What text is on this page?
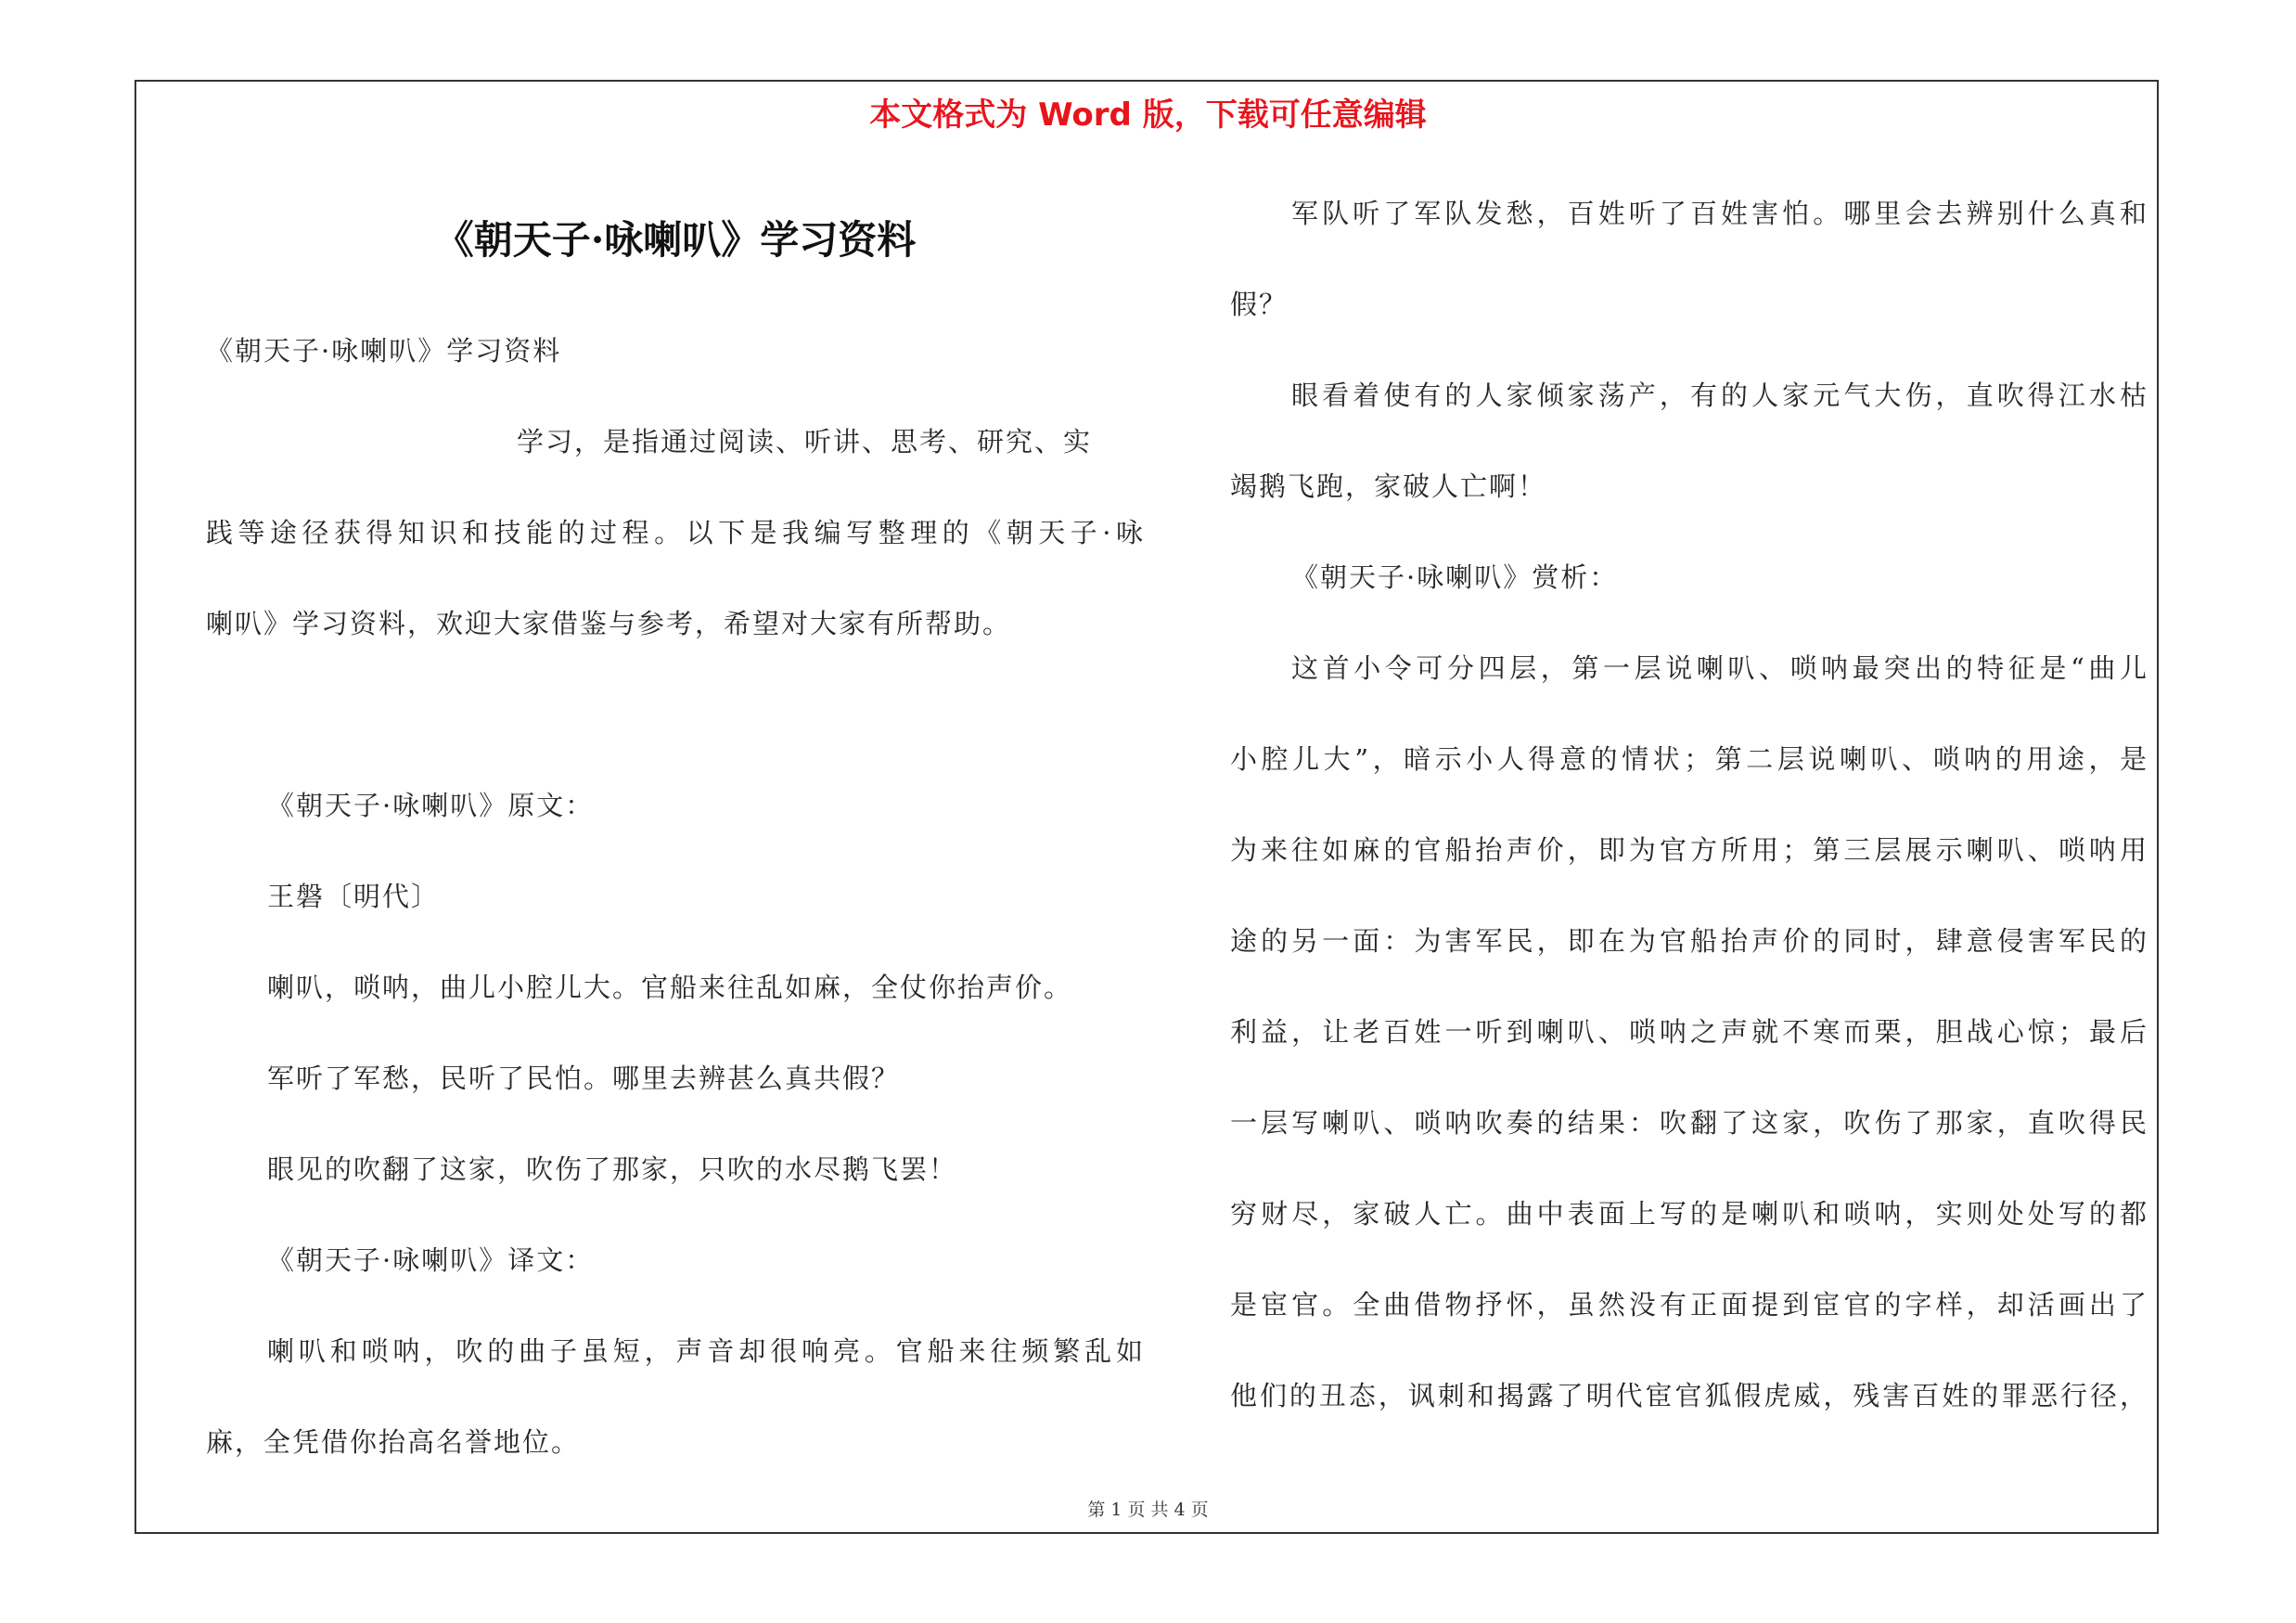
本文格式为 Word 版，下载可任意编辑
《朝天子·咏喇叭》学习资料
《朝天子·咏喇叭》学习资料
学习，是指通过阅读、听讲、思考、研究、实
践等途径获得知识和技能的过程。以下是我编写整理的《朝天子·咏
喇叭》学习资料，欢迎大家借鉴与参考，希望对大家有所帮助。
《朝天子·咏喇叭》原文：
王磐〔明代〕
喇叭，唢呐，曲儿小腔儿大。官船来往乱如麻，全仗你抬声价。
军听了军愁，民听了民怕。哪里去辨甚么真共假？
眼见的吹翻了这家，吹伤了那家，只吹的水尽鹅飞罢！
《朝天子·咏喇叭》译文：
喇叭和唢呐，吹的曲子虽短，声音却很响亮。官船来往频繁乱如
麻，全凭借你抬高名誉地位。
军队听了军队发愁，百姓听了百姓害怕。哪里会去辨别什么真和
假？
眼看着使有的人家倾家荡产，有的人家元气大伤，直吹得江水枯
竭鹅飞跑，家破人亡啊！
《朝天子·咏喇叭》赏析：
这首小令可分四层，第一层说喇叭、唢呐最突出的特征是“曲儿
小腔儿大”，暗示小人得意的情状；第二层说喇叭、唢呐的用途，是
为来往如麻的官船抬声价，即为官方所用；第三层展示喇叭、唢呐用
途的另一面：为害军民，即在为官船抬声价的同时，肆意侵害军民的
利益，让老百姓一听到喇叭、唢呐之声就不寒而栗，胆战心惊；最后
一层写喇叭、唢呐吹奏的结果：吹翻了这家，吹伤了那家，直吹得民
穷财尽，家破人亡。曲中表面上写的是喇叭和唢呐，实则处处写的都
是宦官。全曲借物抒怀，虽然没有正面提到宦官的字样，却活画出了
他们的丑态，讽刺和揭露了明代宦官狐假虎威，残害百姓的罪恶行径，
第 1 页 共 4 页
